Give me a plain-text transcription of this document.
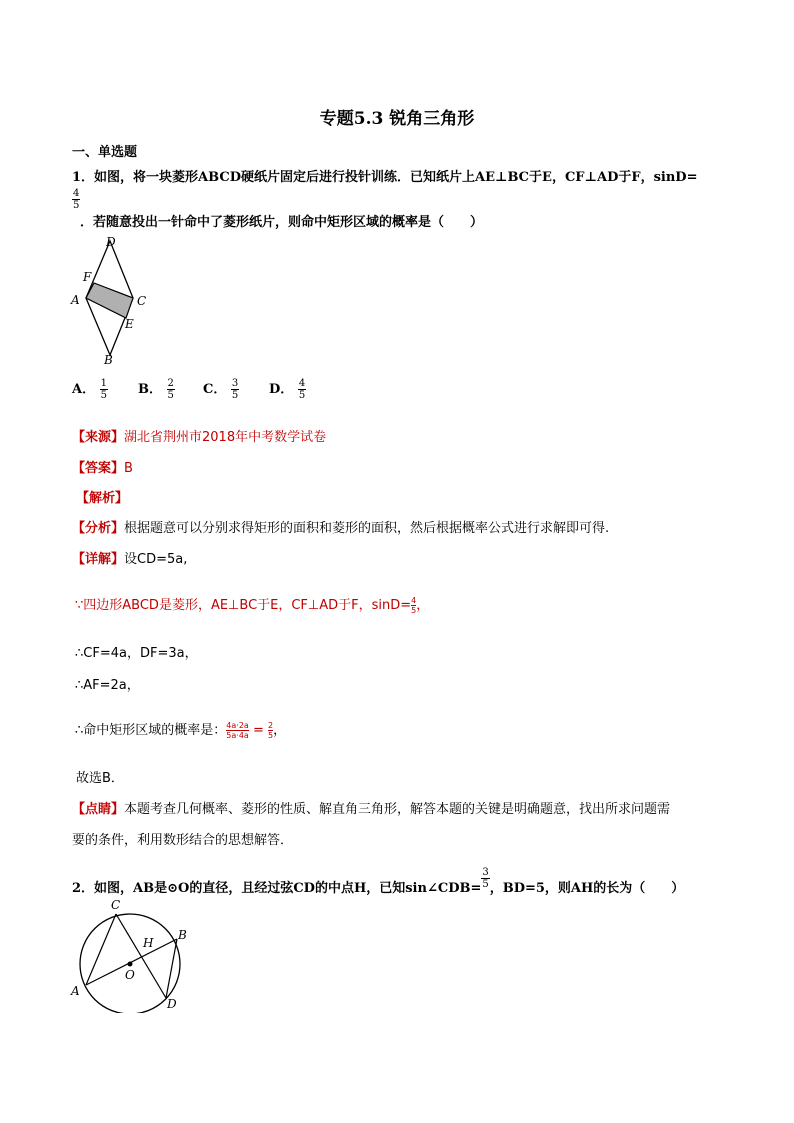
专题5.3 锐角三角形
一、单选题
1．如图，将一块菱形ABCD硬纸片固定后进行投针训练．已知纸片上AE⊥BC于E，CF⊥AD于F，sinD=
$\frac{4}{5}$
．若随意投出一针命中了菱形纸片，则命中矩形区域的概率是（　　）
D
F
A	C
E
B
A． $\frac{1}{5}$ B． $\frac{2}{5}$ C． $\frac{3}{5}$ D． $\frac{4}{5}$
【来源】湖北省荆州市2018年中考数学试卷
【答案】B
【解析】
【分析】根据题意可以分别求得矩形的面积和菱形的面积，然后根据概率公式进行求解即可得.
【详解】设CD=5a,
∵四边形ABCD是菱形，AE⊥BC于E，CF⊥AD于F，$\sin D= \frac{4}{5}$，
∴CF=4a，DF=3a，
∴AF=2a，
∴命中矩形区域的概率是： $\frac{4a\cdot 2a}{5a\cdot 4a} = \frac{2}{5}$，
故选B．
【点睛】本题考查几何概率、菱形的性质、解直角三角形，解答本题的关键是明确题意，找出所求问题需
要的条件，利用数形结合的思想解答．
2．如图，AB是⊙O的直径，且经过弦CD的中点H，已知sin∠CDB= $\frac{3}{5}$ ，BD=5，则AH的长为（　　）
C
H
B
O
A
D
